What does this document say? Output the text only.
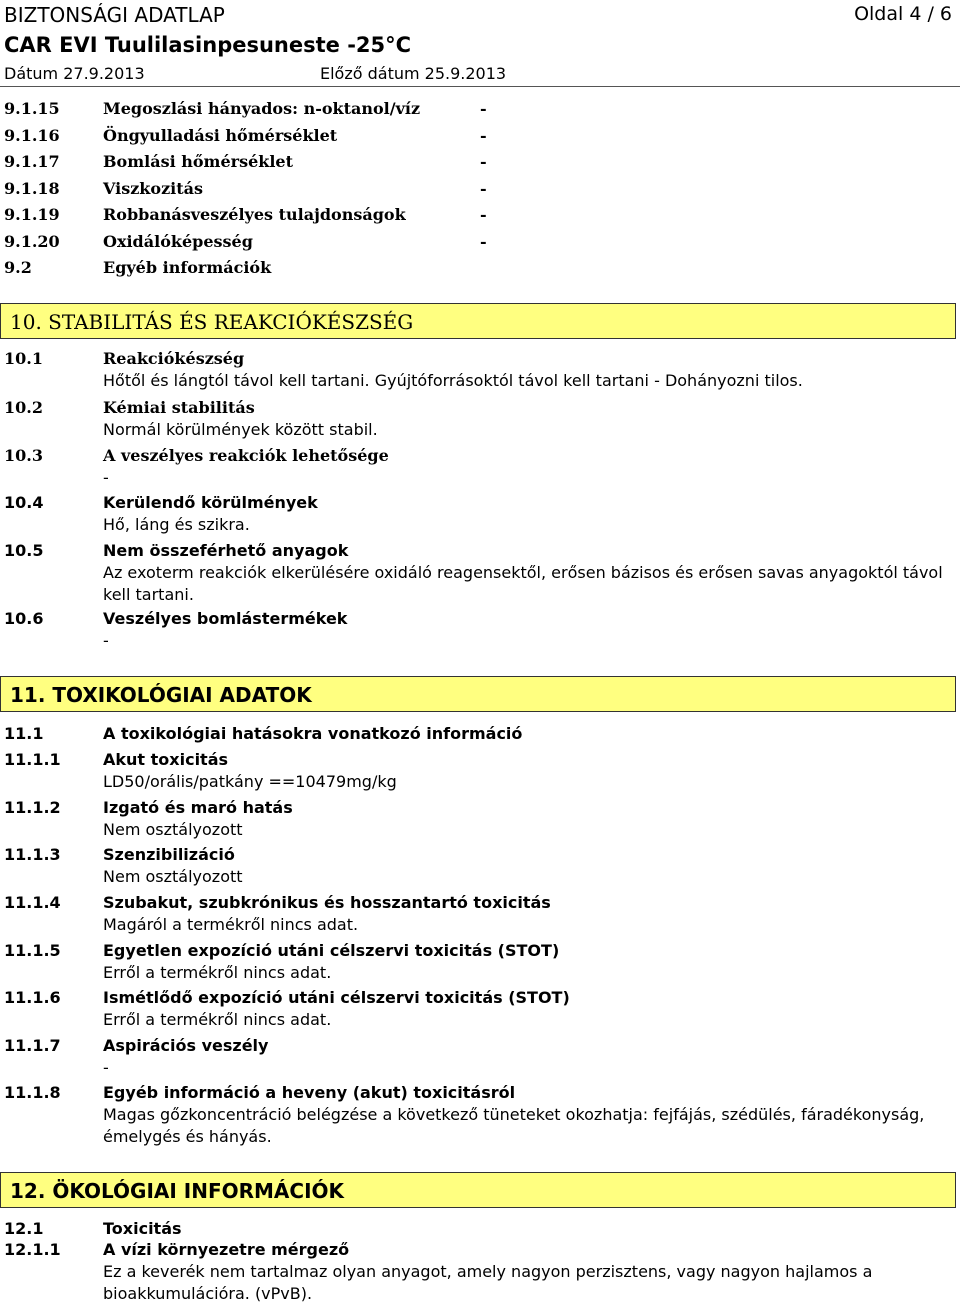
BIZTONSÁGI ADATLAP	Oldal 4 / 6
CAR EVI Tuulilasinpesuneste -25°C
Dátum 27.9.2013	Előző dátum 25.9.2013
9.1.15	Megoszlási hányados: n-oktanol/víz	-
9.1.16	Öngyulladási hőmérséklet	-
9.1.17	Bomlási hőmérséklet	-
9.1.18	Viszkozitás	-
9.1.19	Robbanásveszélyes tulajdonságok	-
9.1.20	Oxidálóképesség	-
9.2	Egyéb információk
10. STABILITÁS ÉS REAKCIÓKÉSZSÉG
10.1	Reakciókészség
Hőtől és lángtól távol kell tartani. Gyújtóforrásoktól távol kell tartani - Dohányozni tilos.
10.2	Kémiai stabilitás
Normál körülmények között stabil.
10.3	A veszélyes reakciók lehetősége
-
10.4	Kerülendő körülmények
Hő, láng és szikra.
10.5	Nem összeférhető anyagok
Az exoterm reakciók elkerülésére oxidáló reagensektől, erősen bázisos és erősen savas anyagoktól távol kell tartani.
10.6	Veszélyes bomlástermékek
-
11. TOXIKOLÓGIAI ADATOK
11.1	A toxikológiai hatásokra vonatkozó információ
11.1.1	Akut toxicitás
LD50/orális/patkány ==10479mg/kg
11.1.2	Izgató és maró hatás
Nem osztályozott
11.1.3	Szenzibilizáció
Nem osztályozott
11.1.4	Szubakut, szubkrónikus és hosszantartó toxicitás
Magáról a termékről nincs adat.
11.1.5	Egyetlen expozíció utáni célszervi toxicitás (STOT)
Erről a termékről nincs adat.
11.1.6	Ismétlődő expozíció utáni célszervi toxicitás (STOT)
Erről a termékről nincs adat.
11.1.7	Aspirációs veszély
-
11.1.8	Egyéb információ a heveny (akut) toxicitásról
Magas gőzkoncentráció belégzése a következő tüneteket okozhatja: fejfájás, szédülés, fáradékonyság, émelygés és hányás.
12. ÖKOLÓGIAI INFORMÁCIÓK
12.1	Toxicitás
12.1.1	A vízi környezetre mérgező
Ez a keverék nem tartalmaz olyan anyagot, amely nagyon perzisztens, vagy nagyon hajlamos a bioakkumulációra. (vPvB).
